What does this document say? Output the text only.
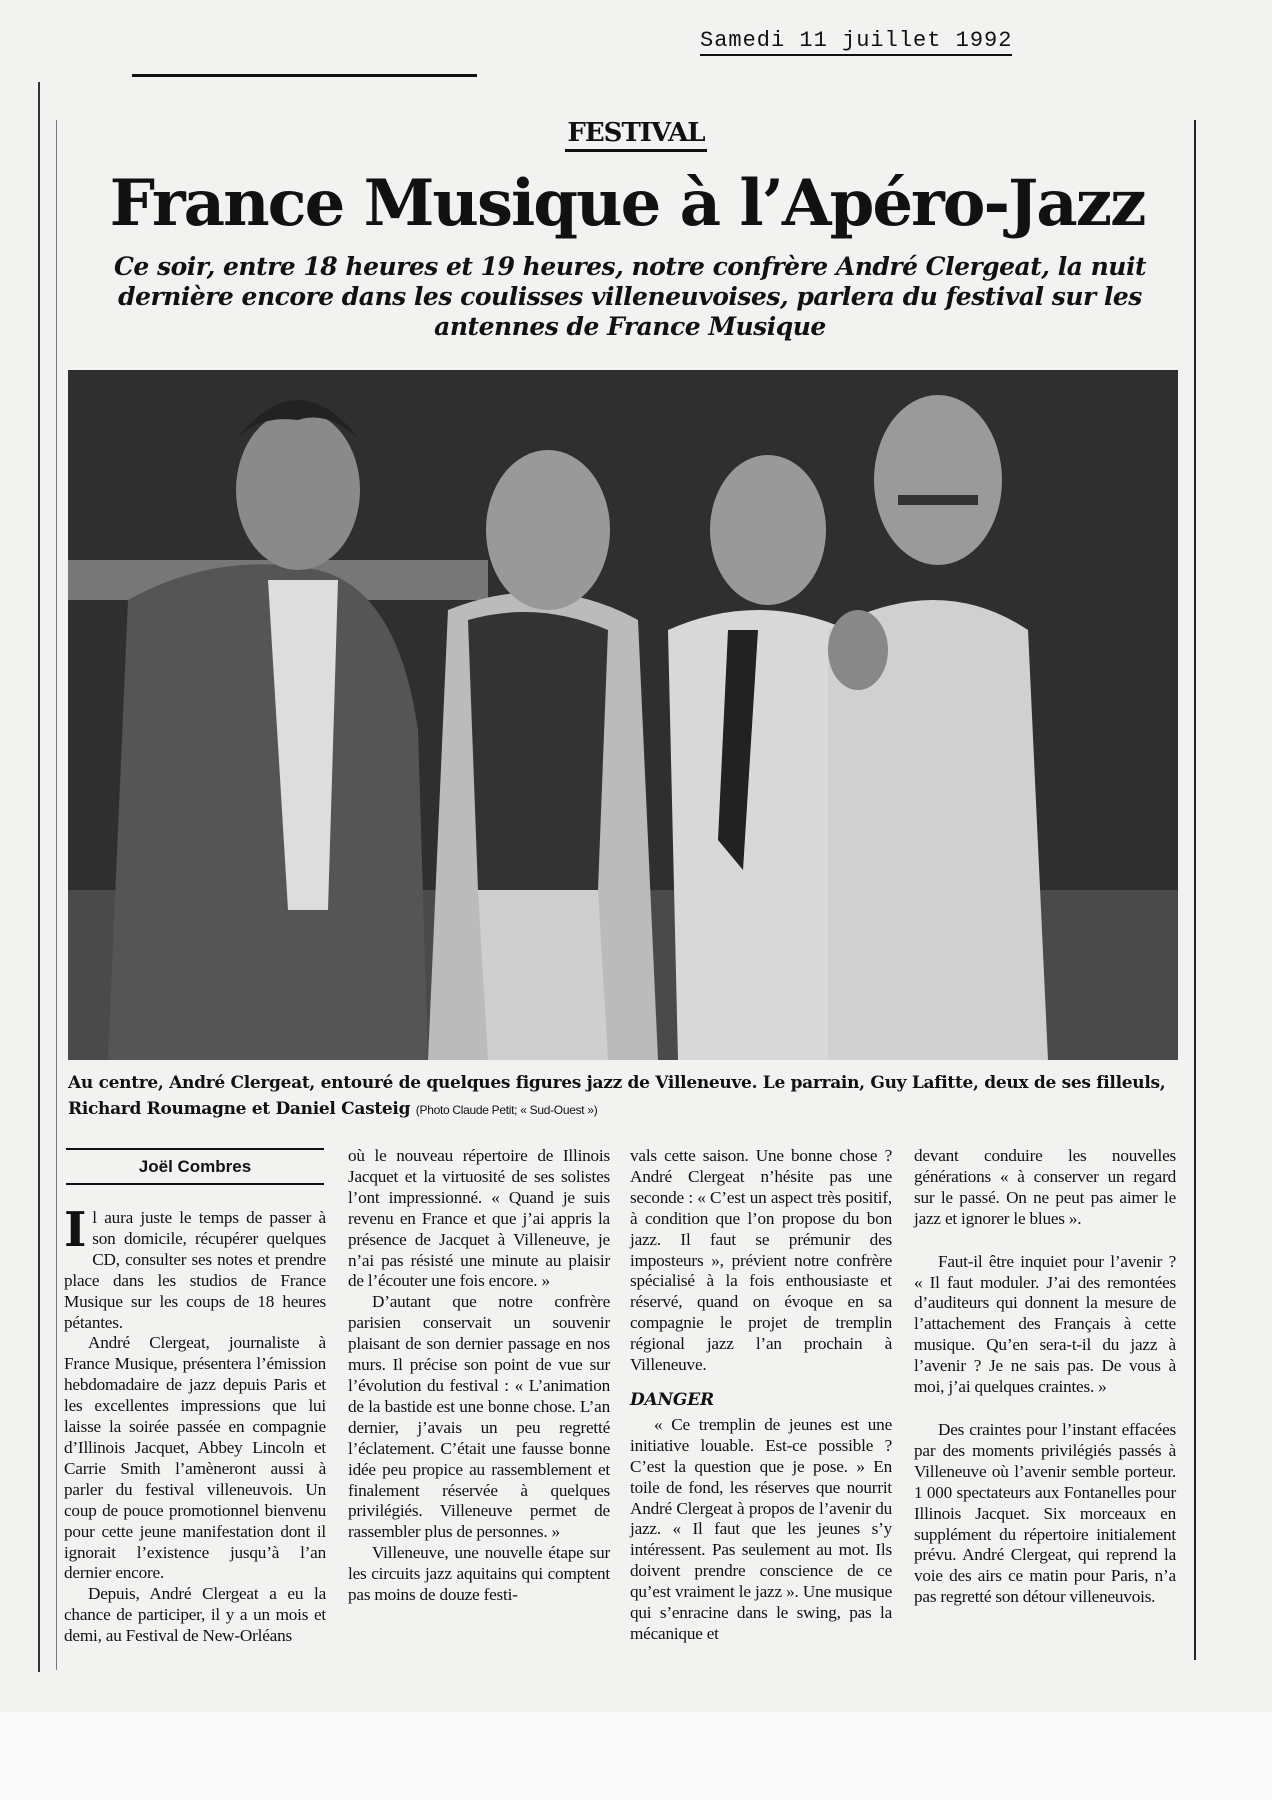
Samedi 11 juillet 1992
FESTIVAL
France Musique à l’Apéro-Jazz
Ce soir, entre 18 heures et 19 heures, notre confrère André Clergeat, la nuit dernière encore dans les coulisses villeneuvoises, parlera du festival sur les antennes de France Musique
Au centre, André Clergeat, entouré de quelques figures jazz de Villeneuve. Le parrain, Guy Lafitte, deux de ses filleuls, Richard Roumagne et Daniel Casteig (Photo Claude Petit; « Sud-Ouest »)
Joël Combres

Il aura juste le temps de passer à son domicile, récupérer quelques CD, consulter ses notes et prendre place dans les studios de France Musique sur les coups de 18 heures pétantes.

André Clergeat, journaliste à France Musique, présentera l’émission hebdomadaire de jazz depuis Paris et les excellentes impressions que lui laisse la soirée passée en compagnie d’Illinois Jacquet, Abbey Lincoln et Carrie Smith l’amèneront aussi à parler du festival villeneuvois. Un coup de pouce promotionnel bienvenu pour cette jeune manifestation dont il ignorait l’existence jusqu’à l’an dernier encore.

Depuis, André Clergeat a eu la chance de participer, il y a un mois et demi, au Festival de New-Orléans

où le nouveau répertoire de Illinois Jacquet et la virtuosité de ses solistes l’ont impressionné. « Quand je suis revenu en France et que j’ai appris la présence de Jacquet à Villeneuve, je n’ai pas résisté une minute au plaisir de l’écouter une fois encore. »

D’autant que notre confrère parisien conservait un souvenir plaisant de son dernier passage en nos murs. Il précise son point de vue sur l’évolution du festival : « L’animation de la bastide est une bonne chose. L’an dernier, j’avais un peu regretté l’éclatement. C’était une fausse bonne idée peu propice au rassemblement et finalement réservée à quelques privilégiés. Villeneuve permet de rassembler plus de personnes. »

Villeneuve, une nouvelle étape sur les circuits jazz aquitains qui comptent pas moins de douze festi-

vals cette saison. Une bonne chose ? André Clergeat n’hésite pas une seconde : « C’est un aspect très positif, à condition que l’on propose du bon jazz. Il faut se prémunir des imposteurs », prévient notre confrère spécialisé à la fois enthousiaste et réservé, quand on évoque en sa compagnie le projet de tremplin régional jazz l’an prochain à Villeneuve.

DANGER

« Ce tremplin de jeunes est une initiative louable. Est-ce possible ? C’est la question que je pose. » En toile de fond, les réserves que nourrit André Clergeat à propos de l’avenir du jazz. « Il faut que les jeunes s’y intéressent. Pas seulement au mot. Ils doivent prendre conscience de ce qu’est vraiment le jazz ». Une musique qui s’enracine dans le swing, pas la mécanique et

devant conduire les nouvelles générations « à conserver un regard sur le passé. On ne peut pas aimer le jazz et ignorer le blues ».

Faut-il être inquiet pour l’avenir ? « Il faut moduler. J’ai des remontées d’auditeurs qui donnent la mesure de l’attachement des Français à cette musique. Qu’en sera-t-il du jazz à l’avenir ? Je ne sais pas. De vous à moi, j’ai quelques craintes. »

Des craintes pour l’instant effacées par des moments privilégiés passés à Villeneuve où l’avenir semble porteur. 1 000 spectateurs aux Fontanelles pour Illinois Jacquet. Six morceaux en supplément du répertoire initialement prévu. André Clergeat, qui reprend la voie des airs ce matin pour Paris, n’a pas regretté son détour villeneuvois.
